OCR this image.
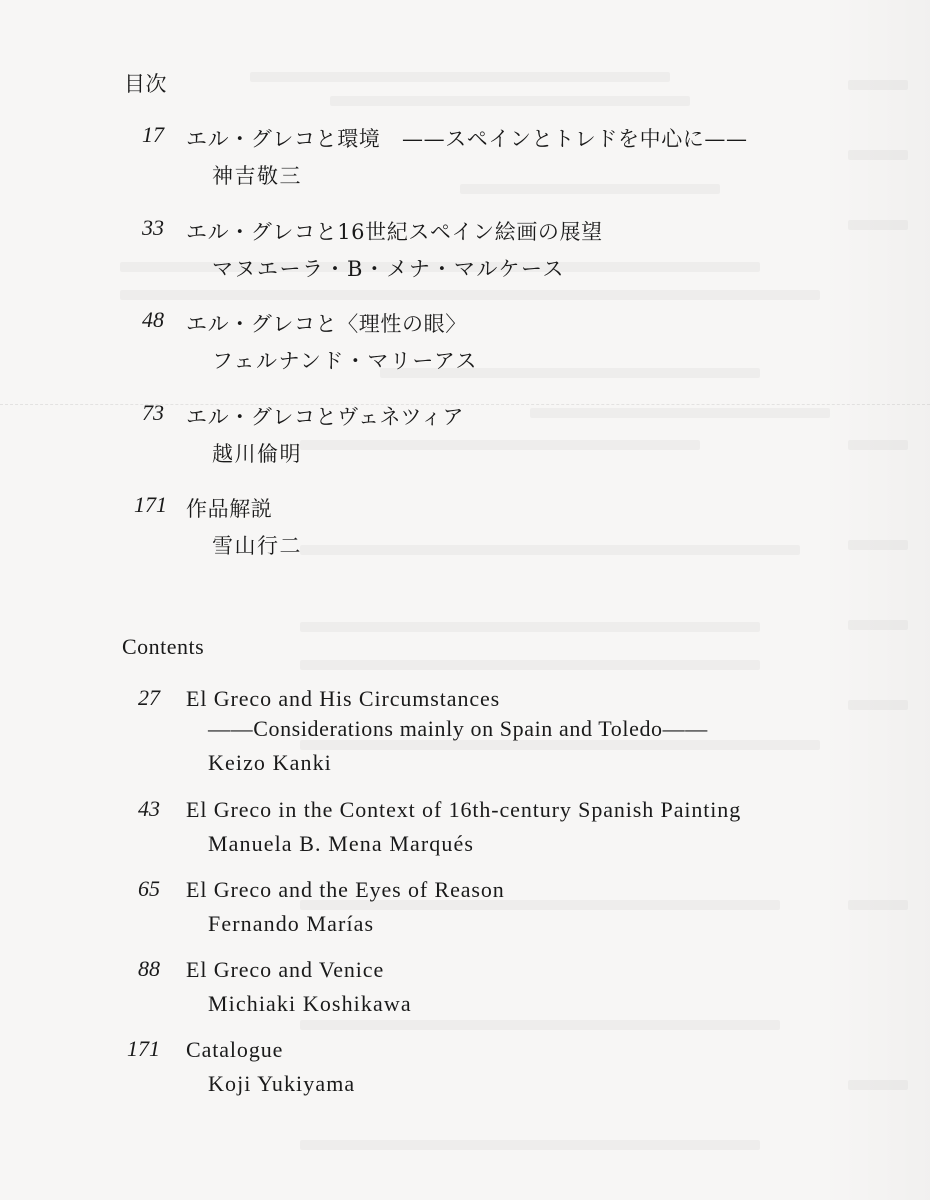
目次
17 エル・グレコと環境　——スペインとトレドを中心に——
神吉敬三
33 エル・グレコと16世紀スペイン絵画の展望
マヌエーラ・B・メナ・マルケース
48 エル・グレコと〈理性の眼〉
フェルナンド・マリーアス
73 エル・グレコとヴェネツィア
越川倫明
171 作品解説
雪山行二
Contents
27 El Greco and His Circumstances
——Considerations mainly on Spain and Toledo——
Keizo Kanki
43 El Greco in the Context of 16th-century Spanish Painting
Manuela B. Mena Marqués
65 El Greco and the Eyes of Reason
Fernando Marías
88 El Greco and Venice
Michiaki Koshikawa
171 Catalogue
Koji Yukiyama
